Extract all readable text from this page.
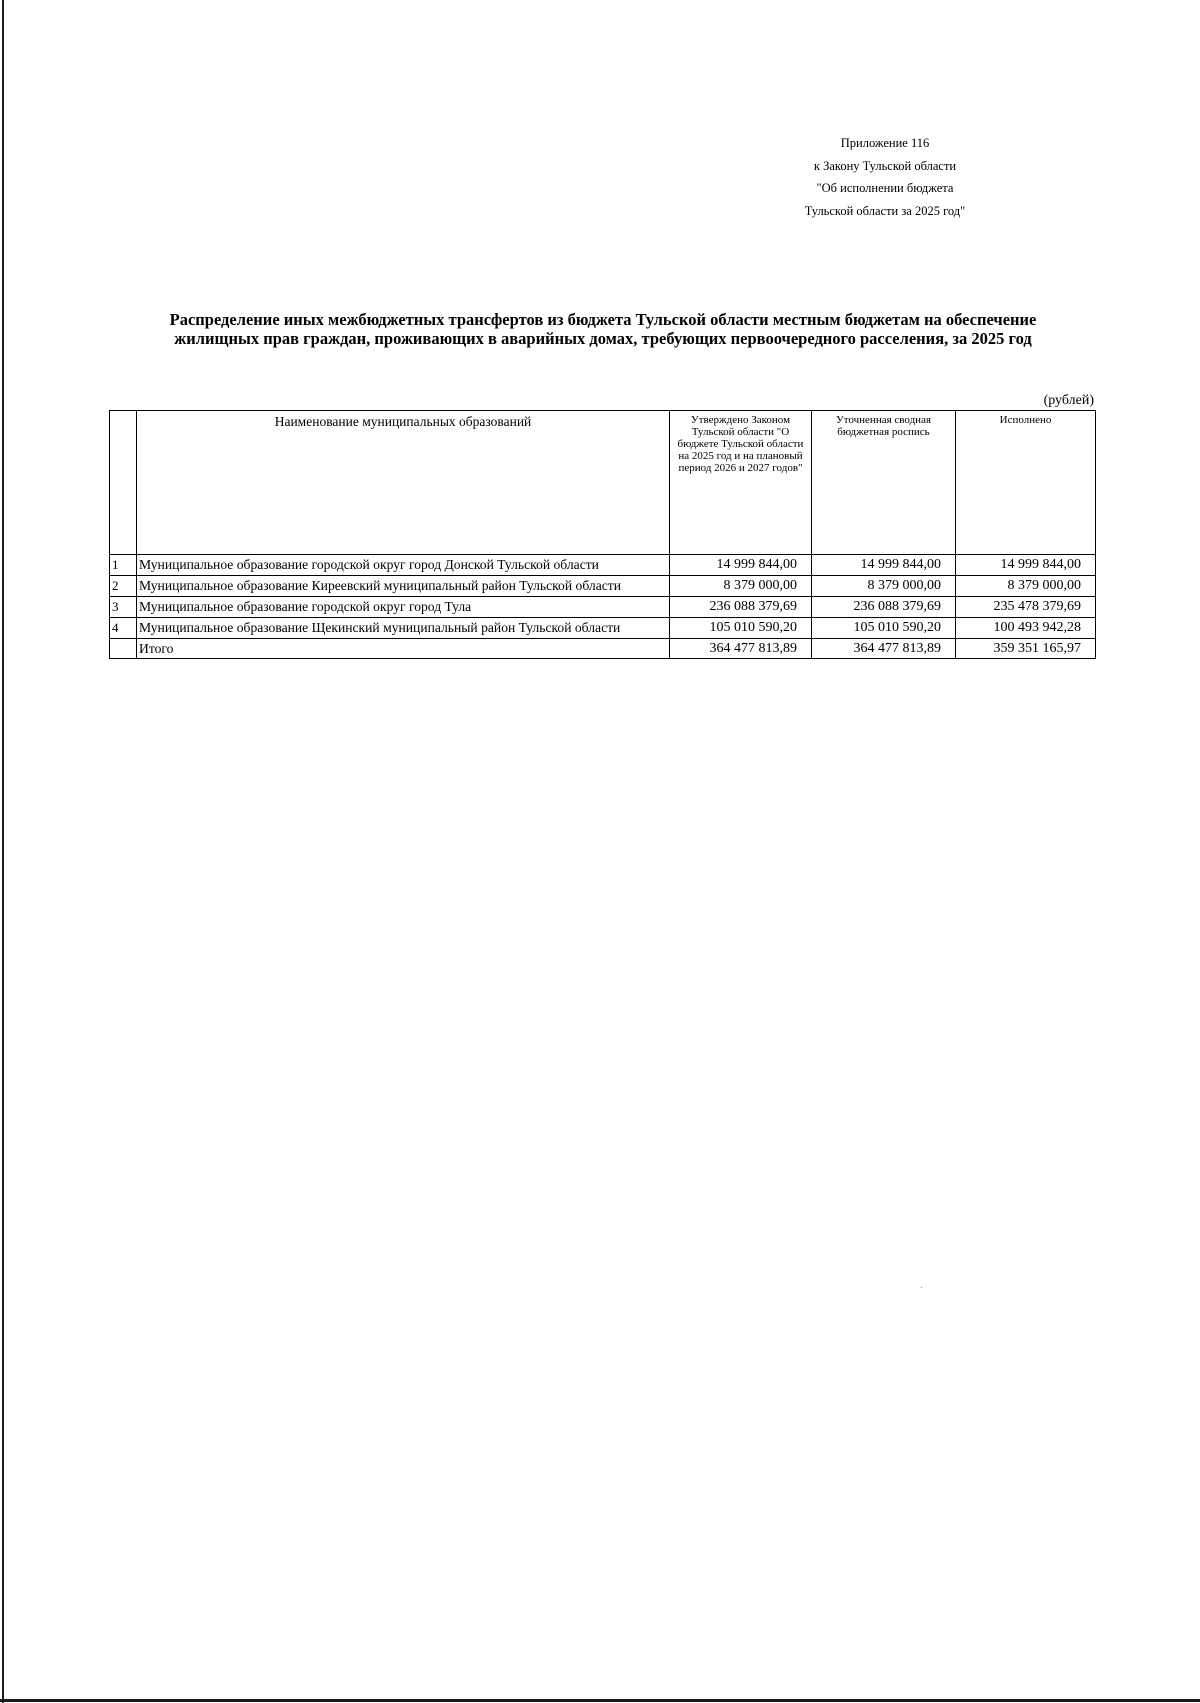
Приложение 116
к Закону Тульской области
"Об исполнении бюджета
Тульской области за 2025 год"
Распределение иных межбюджетных трансфертов из бюджета Тульской области местным бюджетам на обеспечение
жилищных прав граждан, проживающих в аварийных домах, требующих первоочередного расселения, за 2025 год
(рублей)
	Наименование муниципальных образований	Утверждено Законом Тульской области "О бюджете Тульской области на 2025 год и на плановый период 2026 и 2027 годов"	Уточненная сводная бюджетная роспись	Исполнено
1	Муниципальное образование городской округ город Донской Тульской области	14 999 844,00	14 999 844,00	14 999 844,00
2	Муниципальное образование Киреевский муниципальный район Тульской области	8 379 000,00	8 379 000,00	8 379 000,00
3	Муниципальное образование городской округ город Тула	236 088 379,69	236 088 379,69	235 478 379,69
4	Муниципальное образование Щекинский муниципальный район Тульской области	105 010 590,20	105 010 590,20	100 493 942,28
	Итого	364 477 813,89	364 477 813,89	359 351 165,97
